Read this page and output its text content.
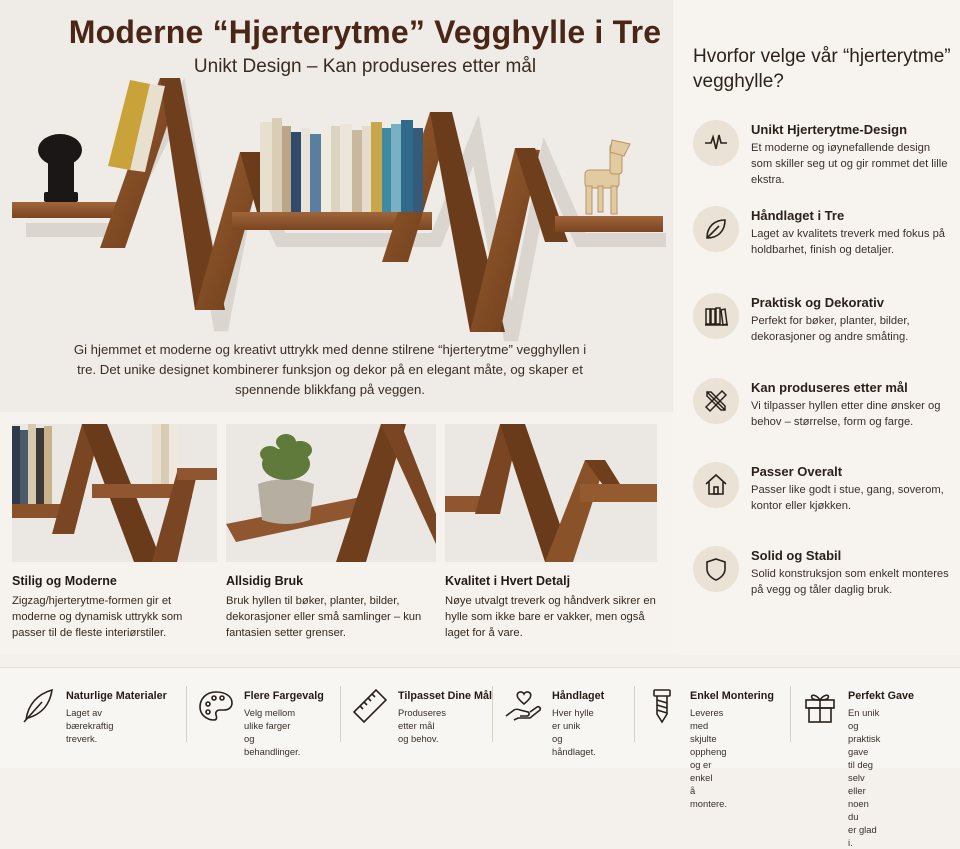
Gi hjemmet et moderne og kreativt uttrykk med denne stilrene “hjerterytme” vegghyllen i tre. Det unike designet kombinerer funksjon og dekor på en elegant måte, og skaper et spennende blikkfang på veggen.
Moderne “Hjerterytme” Vegghylle i Tre
Unikt Design – Kan produseres etter mål	Hvorfor velge vår “hjerterytme” vegghylle?
Unikt Hjerterytme-Design
Et moderne og iøynefallende design som skiller seg ut og gir rommet det lille ekstra.
Håndlaget i Tre
Laget av kvalitets treverk med fokus på holdbarhet, finish og detaljer.
Praktisk og Dekorativ
Perfekt for bøker, planter, bilder, dekorasjoner og andre småting.
Kan produseres etter mål
Vi tilpasser hyllen etter dine ønsker og behov – størrelse, form og farge.
Passer Overalt
Passer like godt i stue, gang, soverom, kontor eller kjøkken.
Solid og Stabil
Solid konstruksjon som enkelt monteres på vegg og tåler daglig bruk.
Stilig og Moderne
Zigzag/hjerterytme-formen gir et moderne og dynamisk uttrykk som passer til de fleste interiørstiler.
Allsidig Bruk
Bruk hyllen til bøker, planter, bilder, dekorasjoner eller små samlinger – kun fantasien setter grenser.
Kvalitet i Hvert Detalj
Nøye utvalgt treverk og håndverk sikrer en hylle som ikke bare er vakker, men også laget for å vare.
Naturlige Materialer
Laget av bærekraftig
treverk.
Flere Fargevalg
Velg mellom ulike farger
og behandlinger.
Tilpasset Dine Mål
Produseres etter mål
og behov.
Håndlaget
Hver hylle er unik
og håndlaget.
Enkel Montering
Leveres med skjulte
oppheng og er enkel
å montere.
Perfekt Gave
En unik og praktisk gave
til deg selv eller noen du
er glad i.
